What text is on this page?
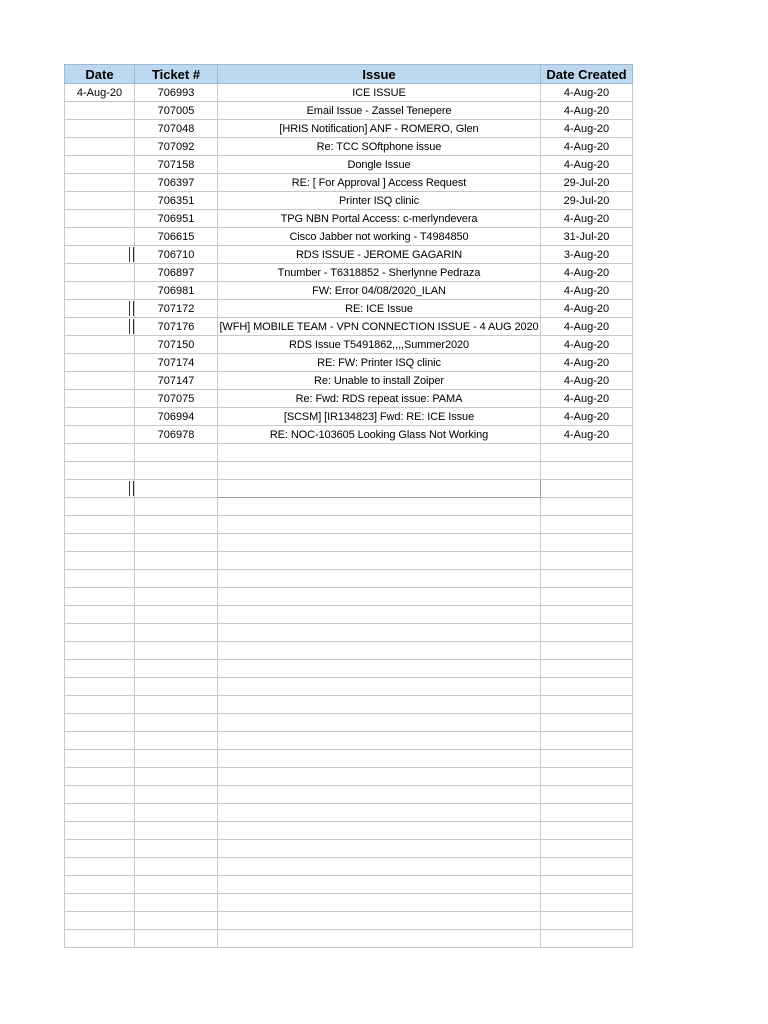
Date	Ticket #	Issue	Date Created
4-Aug-20	706993	ICE ISSUE	4-Aug-20
	707005	Email Issue - Zassel Tenepere	4-Aug-20
	707048	[HRIS Notification] ANF - ROMERO, Glen	4-Aug-20
	707092	Re: TCC SOftphone issue	4-Aug-20
	707158	Dongle Issue	4-Aug-20
	706397	RE: [ For Approval ] Access Request	29-Jul-20
	706351	Printer ISQ clinic	29-Jul-20
	706951	TPG NBN Portal Access: c-merlyndevera	4-Aug-20
	706615	Cisco Jabber not working - T4984850	31-Jul-20

	706710	RDS ISSUE - JEROME GAGARIN	3-Aug-20
	706897	Tnumber - T6318852 - Sherlynne Pedraza	4-Aug-20
	706981	FW: Error 04/08/2020_ILAN	4-Aug-20

	707172	RE: ICE Issue	4-Aug-20

	707176	[WFH] MOBILE TEAM - VPN CONNECTION ISSUE - 4 AUG 2020	4-Aug-20
	707150	RDS Issue T5491862,,,,Summer2020	4-Aug-20
	707174	RE: FW: Printer ISQ clinic	4-Aug-20
	707147	Re: Unable to install Zoiper	4-Aug-20
	707075	Re: Fwd: RDS repeat issue: PAMA	4-Aug-20
	706994	[SCSM] [IR134823] Fwd: RE: ICE Issue	4-Aug-20
	706978	RE: NOC-103605 Looking Glass Not Working	4-Aug-20
